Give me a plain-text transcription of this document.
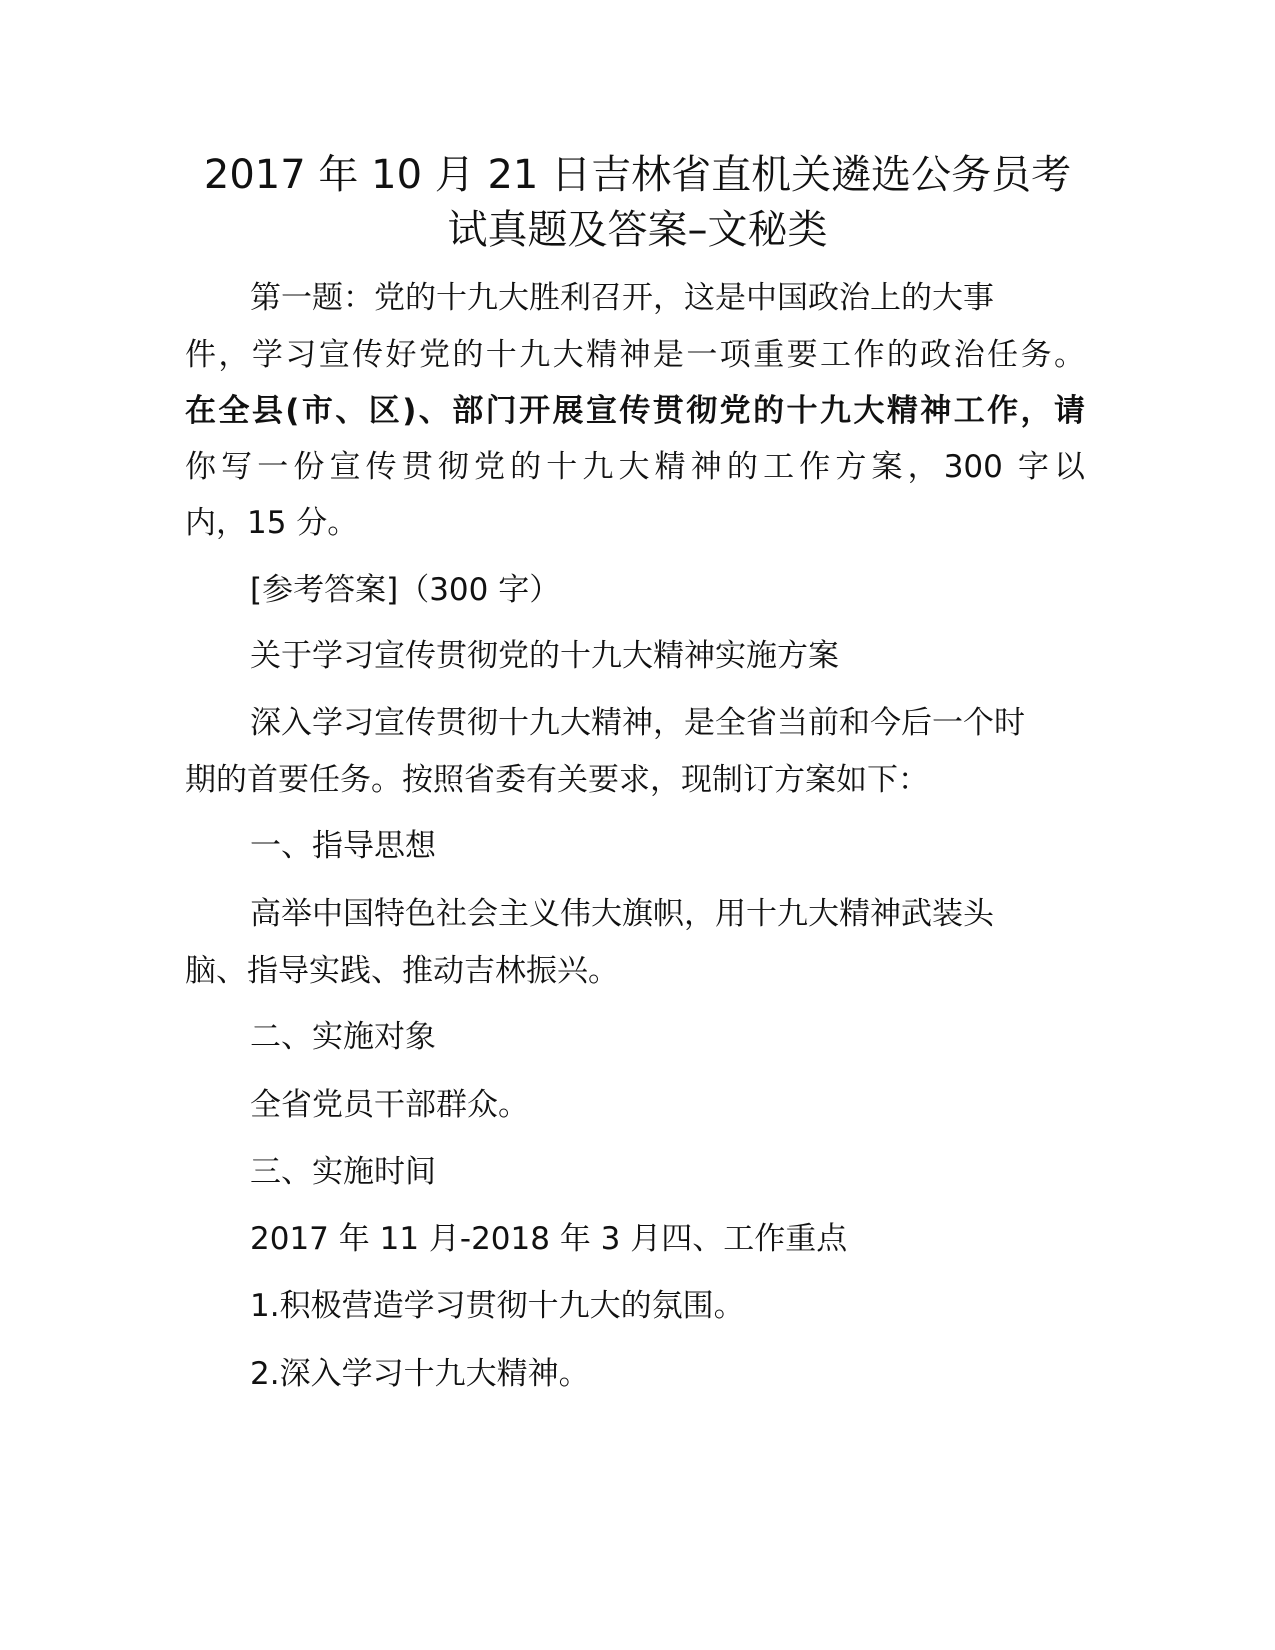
2017 年 10 月 21 日吉林省直机关遴选公务员考
试真题及答案–文秘类
第一题：党的十九大胜利召开，这是中国政治上的大事
件，学习宣传好党的十九大精神是一项重要工作的政治任务。
在全县(市、区)、部门开展宣传贯彻党的十九大精神工作，请
你写一份宣传贯彻党的十九大精神的工作方案，300 字以
内，15 分。
[参考答案]（300 字）
关于学习宣传贯彻党的十九大精神实施方案
深入学习宣传贯彻十九大精神，是全省当前和今后一个时
期的首要任务。按照省委有关要求，现制订方案如下：
一、指导思想
高举中国特色社会主义伟大旗帜，用十九大精神武装头
脑、指导实践、推动吉林振兴。
二、实施对象
全省党员干部群众。
三、实施时间
2017 年 11 月-2018 年 3 月四、工作重点
1.积极营造学习贯彻十九大的氛围。
2.深入学习十九大精神。
